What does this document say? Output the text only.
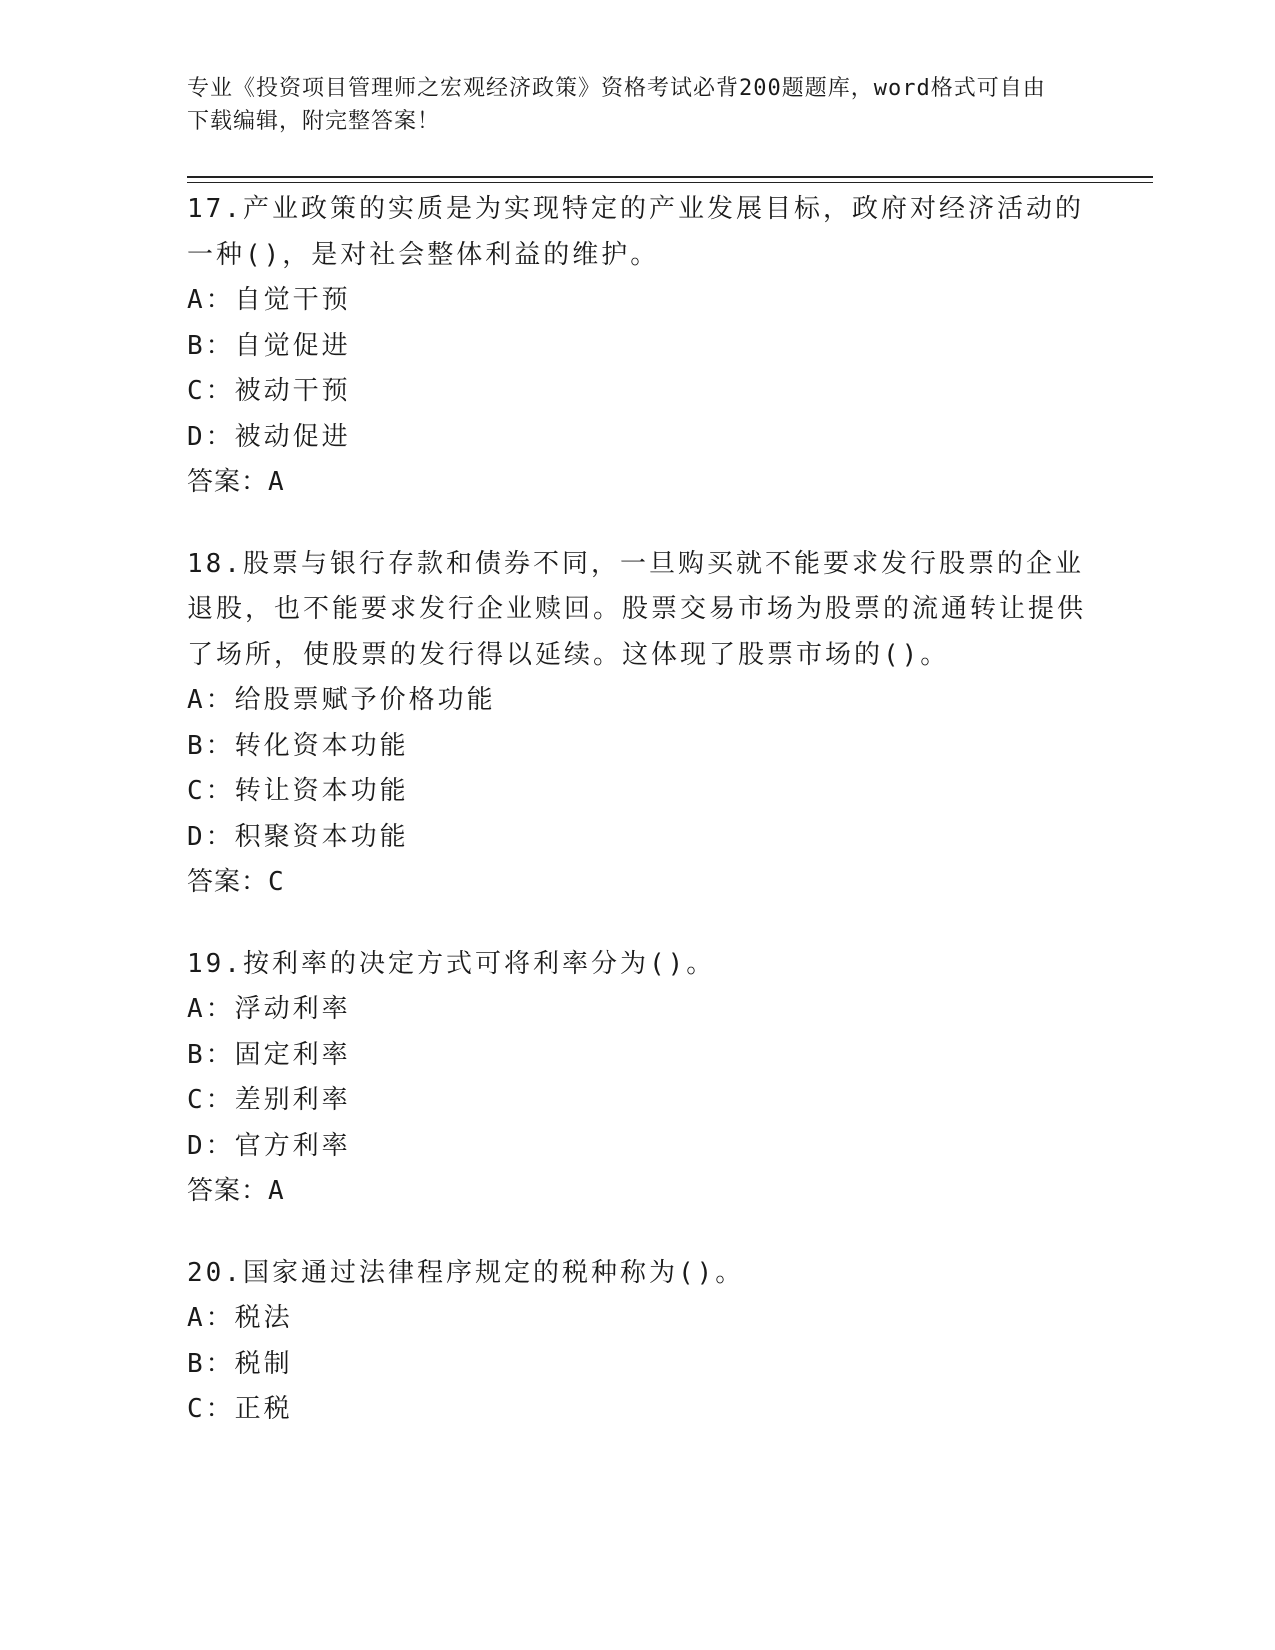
专业《投资项目管理师之宏观经济政策》资格考试必背200题题库，word格式可自由下载编辑，附完整答案！
17.产业政策的实质是为实现特定的产业发展目标，政府对经济活动的一种()，是对社会整体利益的维护。
A：自觉干预
B：自觉促进
C：被动干预
D：被动促进
答案：A
18.股票与银行存款和债券不同，一旦购买就不能要求发行股票的企业退股，也不能要求发行企业赎回。股票交易市场为股票的流通转让提供了场所，使股票的发行得以延续。这体现了股票市场的()。
A：给股票赋予价格功能
B：转化资本功能
C：转让资本功能
D：积聚资本功能
答案：C
19.按利率的决定方式可将利率分为()。
A：浮动利率
B：固定利率
C：差别利率
D：官方利率
答案：A
20.国家通过法律程序规定的税种称为()。
A：税法
B：税制
C：正税
